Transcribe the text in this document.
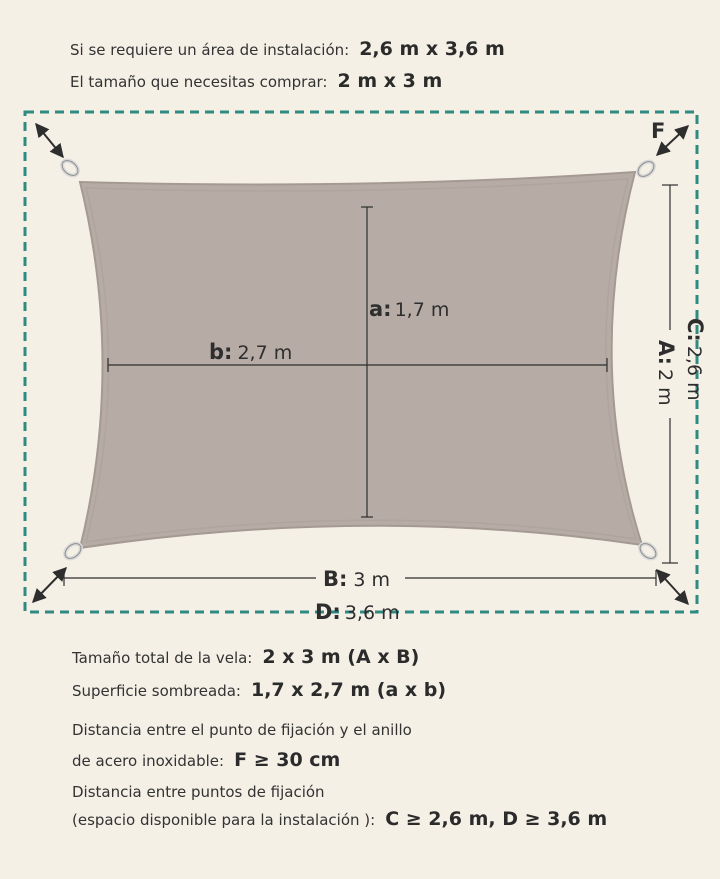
Si se requiere un área de instalación: 2,6 m x 3,6 m
El tamaño que necesitas comprar: 2 m x 3 m
a: 1,7 m
b: 2,7 m
B: 3 m
D: 3,6 m
A:2 m
C:2,6 m
F
Tamaño total de la vela: 2 x 3 m (A x B)
Superficie sombreada: 1,7 x 2,7 m (a x b)
Distancia entre el punto de fijación y el anillo
de acero inoxidable: F ≥ 30 cm
Distancia entre puntos de fijación
(espacio disponible para la instalación ): C ≥ 2,6 m, D ≥ 3,6 m
